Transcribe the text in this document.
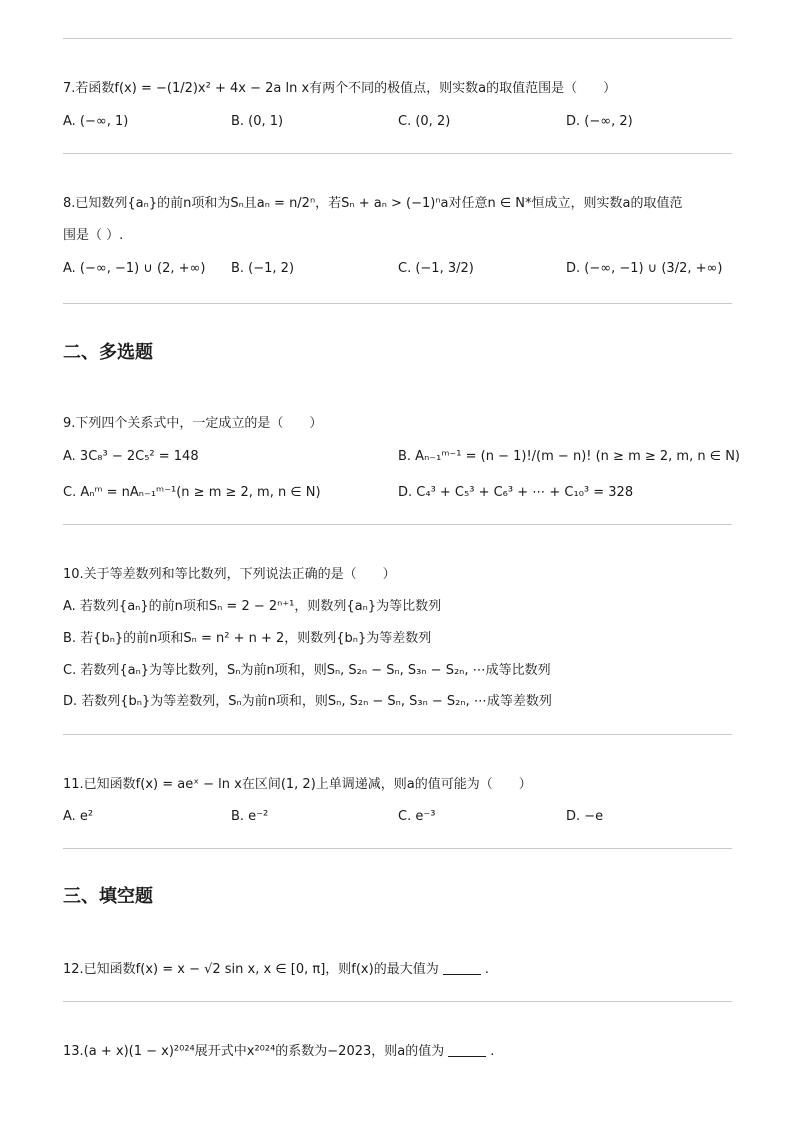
7.若函数f(x) = −(1/2)x² + 4x − 2a ln x有两个不同的极值点，则实数a的取值范围是（　　）
A. (−∞, 1)	B. (0, 1)	C. (0, 2)	D. (−∞, 2)
8.已知数列{aₙ}的前n项和为Sₙ且aₙ = n/2ⁿ，若Sₙ + aₙ > (−1)ⁿa对任意n ∈ N*恒成立，则实数a的取值范
围是（ ）.
A. (−∞, −1) ∪ (2, +∞) B. (−1, 2)	C. (−1, 3/2)	D. (−∞, −1) ∪ (3/2, +∞)
二、多选题
9.下列四个关系式中，一定成立的是（　　）
A. 3C₈³ − 2C₅² = 148	B. Aₙ₋₁ᵐ⁻¹ = (n − 1)!/(m − n)! (n ≥ m ≥ 2, m, n ∈ N)
C. Aₙᵐ = nAₙ₋₁ᵐ⁻¹(n ≥ m ≥ 2, m, n ∈ N)	D. C₄³ + C₅³ + C₆³ + ⋯ + C₁₀³ = 328
10.关于等差数列和等比数列，下列说法正确的是（　　）
A. 若数列{aₙ}的前n项和Sₙ = 2 − 2ⁿ⁺¹，则数列{aₙ}为等比数列
B. 若{bₙ}的前n项和Sₙ = n² + n + 2，则数列{bₙ}为等差数列
C. 若数列{aₙ}为等比数列，Sₙ为前n项和，则Sₙ, S₂ₙ − Sₙ, S₃ₙ − S₂ₙ, ⋯成等比数列
D. 若数列{bₙ}为等差数列，Sₙ为前n项和，则Sₙ, S₂ₙ − Sₙ, S₃ₙ − S₂ₙ, ⋯成等差数列
11.已知函数f(x) = aeˣ − ln x在区间(1, 2)上单调递减，则a的值可能为（　　）
A. e²	B. e⁻²	C. e⁻³	D. −e
三、填空题
12.已知函数f(x) = x − √2 sin x, x ∈ [0, π]，则f(x)的最大值为	.
13.(a + x)(1 − x)²⁰²⁴展开式中x²⁰²⁴的系数为−2023，则a的值为	.
